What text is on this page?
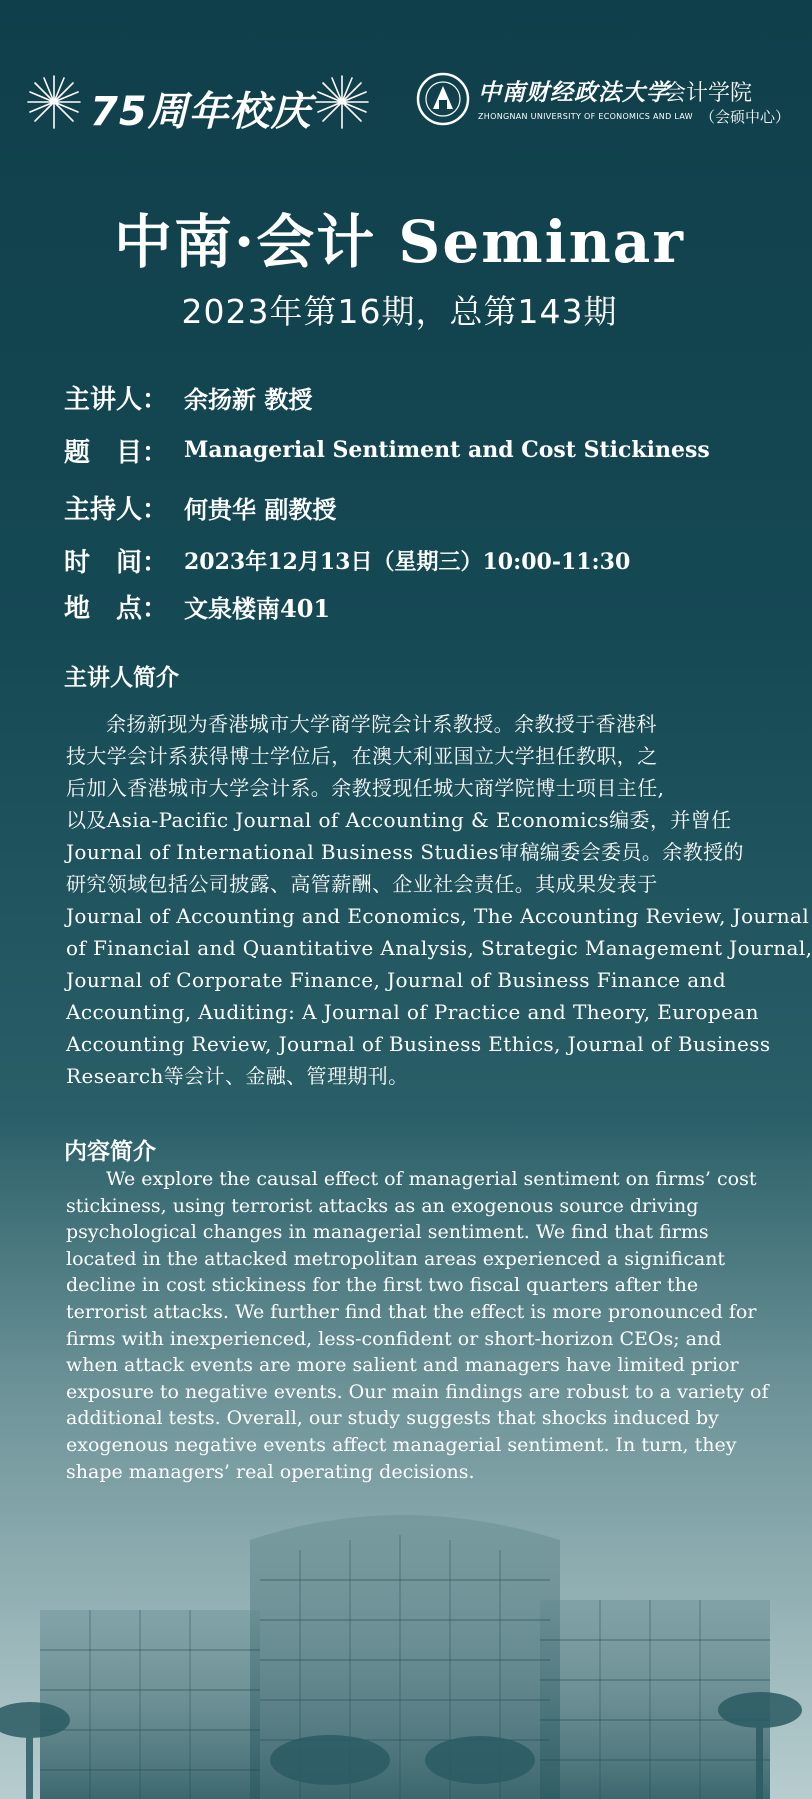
75周年校庆	中南财经政法大学
ZHONGNAN UNIVERSITY OF ECONOMICS AND LAW
会计学院
（会硕中心）
中南·会计 Seminar
2023年第16期，总第143期
主讲人： 余扬新 教授
题　目： Managerial Sentiment and Cost Stickiness
主持人： 何贵华 副教授
时　间： 2023年12月13日（星期三）10:00-11:30
地　点： 文泉楼南401
主讲人简介
余扬新现为香港城市大学商学院会计系教授。余教授于香港科
技大学会计系获得博士学位后，在澳大利亚国立大学担任教职，之
后加入香港城市大学会计系。余教授现任城大商学院博士项目主任,
以及Asia-Pacific Journal of Accounting & Economics编委，并曾任
Journal of International Business Studies审稿编委会委员。余教授的
研究领域包括公司披露、高管薪酬、企业社会责任。其成果发表于
Journal of Accounting and Economics, The Accounting Review, Journal
of Financial and Quantitative Analysis, Strategic Management Journal,
Journal of Corporate Finance, Journal of Business Finance and
Accounting, Auditing: A Journal of Practice and Theory, European
Accounting Review, Journal of Business Ethics, Journal of Business
Research等会计、金融、管理期刊。
内容简介
We explore the causal effect of managerial sentiment on firms’ cost
stickiness, using terrorist attacks as an exogenous source driving
psychological changes in managerial sentiment. We find that firms
located in the attacked metropolitan areas experienced a significant
decline in cost stickiness for the first two fiscal quarters after the
terrorist attacks. We further find that the effect is more pronounced for
firms with inexperienced, less-confident or short-horizon CEOs; and
when attack events are more salient and managers have limited prior
exposure to negative events. Our main findings are robust to a variety of
additional tests. Overall, our study suggests that shocks induced by
exogenous negative events affect managerial sentiment. In turn, they
shape managers’ real operating decisions.
